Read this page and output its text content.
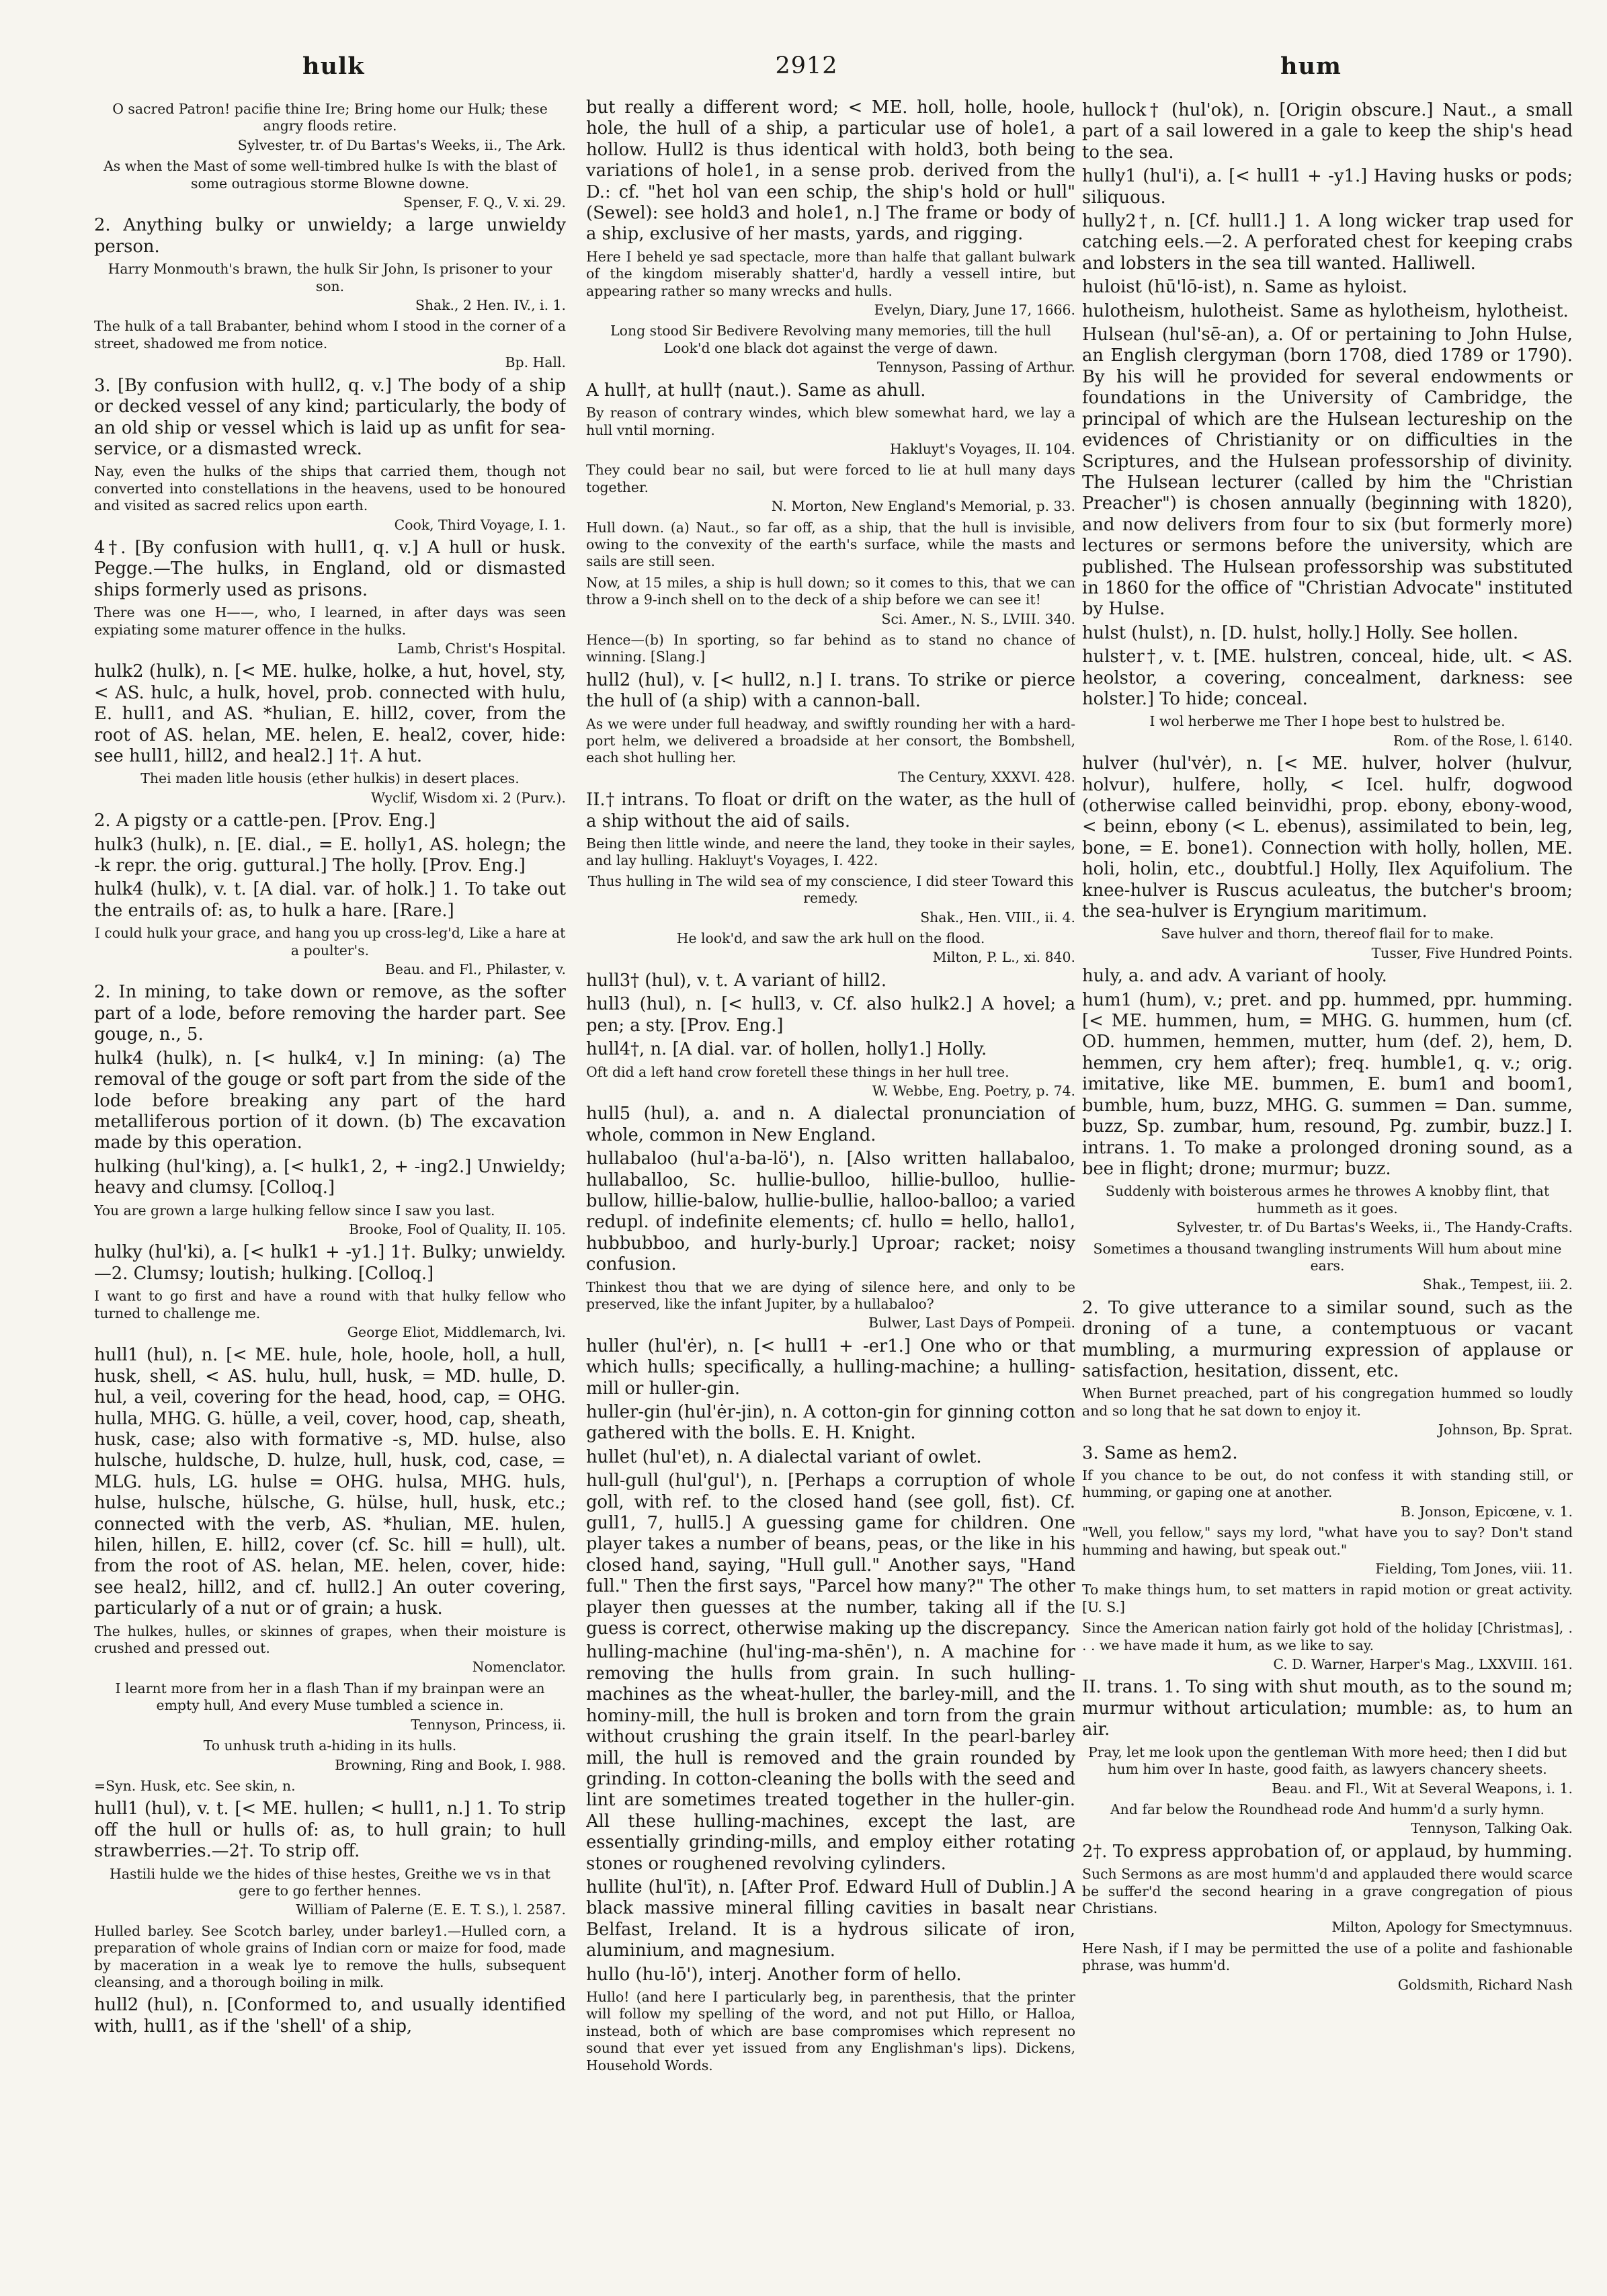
hulk	2912	hum

O sacred Patron! pacifie thine Ire; Bring home our Hulk; these angry floods retire.

Sylvester, tr. of Du Bartas's Weeks, ii., The Ark.

As when the Mast of some well-timbred hulke Is with the blast of some outragious storme Blowne downe.

Spenser, F. Q., V. xi. 29.

2. Anything bulky or unwieldy; a large unwieldy person.

Harry Monmouth's brawn, the hulk Sir John, Is prisoner to your son.

Shak., 2 Hen. IV., i. 1.

The hulk of a tall Brabanter, behind whom I stood in the corner of a street, shadowed me from notice.

Bp. Hall.

3. [By confusion with hull2, q. v.] The body of a ship or decked vessel of any kind; particularly, the body of an old ship or vessel which is laid up as unfit for sea-service, or a dismasted wreck.

Nay, even the hulks of the ships that carried them, though not converted into constellations in the heavens, used to be honoured and visited as sacred relics upon earth.

Cook, Third Voyage, I. 1.

4†. [By confusion with hull1, q. v.] A hull or husk. Pegge.—The hulks, in England, old or dismasted ships formerly used as prisons.

There was one H——, who, I learned, in after days was seen expiating some maturer offence in the hulks.

Lamb, Christ's Hospital.

hulk2 (hulk), n. [< ME. hulke, holke, a hut, hovel, sty, < AS. hulc, a hulk, hovel, prob. connected with hulu, E. hull1, and AS. *hulian, E. hill2, cover, from the root of AS. helan, ME. helen, E. heal2, cover, hide: see hull1, hill2, and heal2.] 1†. A hut.

Thei maden litle housis (ether hulkis) in desert places.

Wyclif, Wisdom xi. 2 (Purv.).

2. A pigsty or a cattle-pen. [Prov. Eng.]

hulk3 (hulk), n. [E. dial., = E. holly1, AS. holegn; the -k repr. the orig. guttural.] The holly. [Prov. Eng.]

hulk4 (hulk), v. t. [A dial. var. of holk.] 1. To take out the entrails of: as, to hulk a hare. [Rare.]

I could hulk your grace, and hang you up cross-leg'd, Like a hare at a poulter's.

Beau. and Fl., Philaster, v.

2. In mining, to take down or remove, as the softer part of a lode, before removing the harder part. See gouge, n., 5.

hulk4 (hulk), n. [< hulk4, v.] In mining: (a) The removal of the gouge or soft part from the side of the lode before breaking any part of the hard metalliferous portion of it down. (b) The excavation made by this operation.

hulking (hul'king), a. [< hulk1, 2, + -ing2.] Unwieldy; heavy and clumsy. [Colloq.]

You are grown a large hulking fellow since I saw you last.

Brooke, Fool of Quality, II. 105.

hulky (hul'ki), a. [< hulk1 + -y1.] 1†. Bulky; unwieldy.—2. Clumsy; loutish; hulking. [Colloq.]

I want to go first and have a round with that hulky fellow who turned to challenge me.

George Eliot, Middlemarch, lvi.

hull1 (hul), n. [< ME. hule, hole, hoole, holl, a hull, husk, shell, < AS. hulu, hull, husk, = MD. hulle, D. hul, a veil, covering for the head, hood, cap, = OHG. hulla, MHG. G. hülle, a veil, cover, hood, cap, sheath, husk, case; also with formative -s, MD. hulse, also hulsche, huldsche, D. hulze, hull, husk, cod, case, = MLG. huls, LG. hulse = OHG. hulsa, MHG. huls, hulse, hulsche, hülsche, G. hülse, hull, husk, etc.; connected with the verb, AS. *hulian, ME. hulen, hilen, hillen, E. hill2, cover (cf. Sc. hill = hull), ult. from the root of AS. helan, ME. helen, cover, hide: see heal2, hill2, and cf. hull2.] An outer covering, particularly of a nut or of grain; a husk.

The hulkes, hulles, or skinnes of grapes, when their moisture is crushed and pressed out.

Nomenclator.

I learnt more from her in a flash Than if my brainpan were an empty hull, And every Muse tumbled a science in.

Tennyson, Princess, ii.

To unhusk truth a-hiding in its hulls.

Browning, Ring and Book, I. 988.

=Syn. Husk, etc. See skin, n.

hull1 (hul), v. t. [< ME. hullen; < hull1, n.] 1. To strip off the hull or hulls of: as, to hull grain; to hull strawberries.—2†. To strip off.

Hastili hulde we the hides of thise hestes, Greithe we vs in that gere to go ferther hennes.

William of Palerne (E. E. T. S.), l. 2587.

Hulled barley. See Scotch barley, under barley1.—Hulled corn, a preparation of whole grains of Indian corn or maize for food, made by maceration in a weak lye to remove the hulls, subsequent cleansing, and a thorough boiling in milk.

hull2 (hul), n. [Conformed to, and usually identified with, hull1, as if the 'shell' of a ship,

but really a different word; < ME. holl, holle, hoole, hole, the hull of a ship, a particular use of hole1, a hollow. Hull2 is thus identical with hold3, both being variations of hole1, in a sense prob. derived from the D.: cf. "het hol van een schip, the ship's hold or hull" (Sewel): see hold3 and hole1, n.] The frame or body of a ship, exclusive of her masts, yards, and rigging.

Here I beheld ye sad spectacle, more than halfe that gallant bulwark of the kingdom miserably shatter'd, hardly a vessell intire, but appearing rather so many wrecks and hulls.

Evelyn, Diary, June 17, 1666.

Long stood Sir Bedivere Revolving many memories, till the hull Look'd one black dot against the verge of dawn.

Tennyson, Passing of Arthur.

A hull†, at hull† (naut.). Same as ahull.

By reason of contrary windes, which blew somewhat hard, we lay a hull vntil morning.

Hakluyt's Voyages, II. 104.

They could bear no sail, but were forced to lie at hull many days together.

N. Morton, New England's Memorial, p. 33.

Hull down. (a) Naut., so far off, as a ship, that the hull is invisible, owing to the convexity of the earth's surface, while the masts and sails are still seen.

Now, at 15 miles, a ship is hull down; so it comes to this, that we can throw a 9-inch shell on to the deck of a ship before we can see it!

Sci. Amer., N. S., LVIII. 340.

Hence—(b) In sporting, so far behind as to stand no chance of winning. [Slang.]

hull2 (hul), v. [< hull2, n.] I. trans. To strike or pierce the hull of (a ship) with a cannon-ball.

As we were under full headway, and swiftly rounding her with a hard-port helm, we delivered a broadside at her consort, the Bombshell, each shot hulling her.

The Century, XXXVI. 428.

II.† intrans. To float or drift on the water, as the hull of a ship without the aid of sails.

Being then little winde, and neere the land, they tooke in their sayles, and lay hulling. Hakluyt's Voyages, I. 422.

Thus hulling in The wild sea of my conscience, I did steer Toward this remedy.

Shak., Hen. VIII., ii. 4.

He look'd, and saw the ark hull on the flood.

Milton, P. L., xi. 840.

hull3† (hul), v. t. A variant of hill2.

hull3 (hul), n. [< hull3, v. Cf. also hulk2.] A hovel; a pen; a sty. [Prov. Eng.]

hull4†, n. [A dial. var. of hollen, holly1.] Holly.

Oft did a left hand crow foretell these things in her hull tree.

W. Webbe, Eng. Poetry, p. 74.

hull5 (hul), a. and n. A dialectal pronunciation of whole, common in New England.

hullabaloo (hul'a-ba-lö'), n. [Also written hallabaloo, hullaballoo, Sc. hullie-bulloo, hillie-bulloo, hullie-bullow, hillie-balow, hullie-bullie, halloo-balloo; a varied redupl. of indefinite elements; cf. hullo = hello, hallo1, hubbubboo, and hurly-burly.] Uproar; racket; noisy confusion.

Thinkest thou that we are dying of silence here, and only to be preserved, like the infant Jupiter, by a hullabaloo?

Bulwer, Last Days of Pompeii.

huller (hul'ėr), n. [< hull1 + -er1.] One who or that which hulls; specifically, a hulling-machine; a hulling-mill or huller-gin.

huller-gin (hul'ėr-jin), n. A cotton-gin for ginning cotton gathered with the bolls. E. H. Knight.

hullet (hul'et), n. A dialectal variant of owlet.

hull-gull (hul'gul'), n. [Perhaps a corruption of whole goll, with ref. to the closed hand (see goll, fist). Cf. gull1, 7, hull5.] A guessing game for children. One player takes a number of beans, peas, or the like in his closed hand, saying, "Hull gull." Another says, "Hand full." Then the first says, "Parcel how many?" The other player then guesses at the number, taking all if the guess is correct, otherwise making up the discrepancy.

hulling-machine (hul'ing-ma-shēn'), n. A machine for removing the hulls from grain. In such hulling-machines as the wheat-huller, the barley-mill, and the hominy-mill, the hull is broken and torn from the grain without crushing the grain itself. In the pearl-barley mill, the hull is removed and the grain rounded by grinding. In cotton-cleaning the bolls with the seed and lint are sometimes treated together in the huller-gin. All these hulling-machines, except the last, are essentially grinding-mills, and employ either rotating stones or roughened revolving cylinders.

hullite (hul'īt), n. [After Prof. Edward Hull of Dublin.] A black massive mineral filling cavities in basalt near Belfast, Ireland. It is a hydrous silicate of iron, aluminium, and magnesium.

hullo (hu-lō'), interj. Another form of hello.

Hullo! (and here I particularly beg, in parenthesis, that the printer will follow my spelling of the word, and not put Hillo, or Halloa, instead, both of which are base compromises which represent no sound that ever yet issued from any Englishman's lips). Dickens, Household Words.

hullock† (hul'ok), n. [Origin obscure.] Naut., a small part of a sail lowered in a gale to keep the ship's head to the sea.

hully1 (hul'i), a. [< hull1 + -y1.] Having husks or pods; siliquous.

hully2†, n. [Cf. hull1.] 1. A long wicker trap used for catching eels.—2. A perforated chest for keeping crabs and lobsters in the sea till wanted. Halliwell.

huloist (hū'lō-ist), n. Same as hyloist.

hulotheism, hulotheist. Same as hylotheism, hylotheist.

Hulsean (hul'sē-an), a. Of or pertaining to John Hulse, an English clergyman (born 1708, died 1789 or 1790). By his will he provided for several endowments or foundations in the University of Cambridge, the principal of which are the Hulsean lectureship on the evidences of Christianity or on difficulties in the Scriptures, and the Hulsean professorship of divinity. The Hulsean lecturer (called by him the "Christian Preacher") is chosen annually (beginning with 1820), and now delivers from four to six (but formerly more) lectures or sermons before the university, which are published. The Hulsean professorship was substituted in 1860 for the office of "Christian Advocate" instituted by Hulse.

hulst (hulst), n. [D. hulst, holly.] Holly. See hollen.

hulster†, v. t. [ME. hulstren, conceal, hide, ult. < AS. heolstor, a covering, concealment, darkness: see holster.] To hide; conceal.

I wol herberwe me Ther I hope best to hulstred be.

Rom. of the Rose, l. 6140.

hulver (hul'vėr), n. [< ME. hulver, holver (hulvur, holvur), hulfere, holly, < Icel. hulfr, dogwood (otherwise called beinvidhi, prop. ebony, ebony-wood, < beinn, ebony (< L. ebenus), assimilated to bein, leg, bone, = E. bone1). Connection with holly, hollen, ME. holi, holin, etc., doubtful.] Holly, Ilex Aquifolium. The knee-hulver is Ruscus aculeatus, the butcher's broom; the sea-hulver is Eryngium maritimum.

Save hulver and thorn, thereof flail for to make.

Tusser, Five Hundred Points.

huly, a. and adv. A variant of hooly.

hum1 (hum), v.; pret. and pp. hummed, ppr. humming. [< ME. hummen, hum, = MHG. G. hummen, hum (cf. OD. hummen, hemmen, mutter, hum (def. 2), hem, D. hemmen, cry hem after); freq. humble1, q. v.; orig. imitative, like ME. bummen, E. bum1 and boom1, bumble, hum, buzz, MHG. G. summen = Dan. summe, buzz, Sp. zumbar, hum, resound, Pg. zumbir, buzz.] I. intrans. 1. To make a prolonged droning sound, as a bee in flight; drone; murmur; buzz.

Suddenly with boisterous armes he throwes A knobby flint, that hummeth as it goes.

Sylvester, tr. of Du Bartas's Weeks, ii., The Handy-Crafts.

Sometimes a thousand twangling instruments Will hum about mine ears.

Shak., Tempest, iii. 2.

2. To give utterance to a similar sound, such as the droning of a tune, a contemptuous or vacant mumbling, a murmuring expression of applause or satisfaction, hesitation, dissent, etc.

When Burnet preached, part of his congregation hummed so loudly and so long that he sat down to enjoy it.

Johnson, Bp. Sprat.

3. Same as hem2.

If you chance to be out, do not confess it with standing still, or humming, or gaping one at another.

B. Jonson, Epicœne, v. 1.

"Well, you fellow," says my lord, "what have you to say? Don't stand humming and hawing, but speak out."

Fielding, Tom Jones, viii. 11.

To make things hum, to set matters in rapid motion or great activity. [U. S.]

Since the American nation fairly got hold of the holiday [Christmas], . . . we have made it hum, as we like to say.

C. D. Warner, Harper's Mag., LXXVIII. 161.

II. trans. 1. To sing with shut mouth, as to the sound m; murmur without articulation; mumble: as, to hum an air.

Pray, let me look upon the gentleman With more heed; then I did but hum him over In haste, good faith, as lawyers chancery sheets.

Beau. and Fl., Wit at Several Weapons, i. 1.

And far below the Roundhead rode And humm'd a surly hymn.

Tennyson, Talking Oak.

2†. To express approbation of, or applaud, by humming.

Such Sermons as are most humm'd and applauded there would scarce be suffer'd the second hearing in a grave congregation of pious Christians.

Milton, Apology for Smectymnuus.

Here Nash, if I may be permitted the use of a polite and fashionable phrase, was humm'd.

Goldsmith, Richard Nash
